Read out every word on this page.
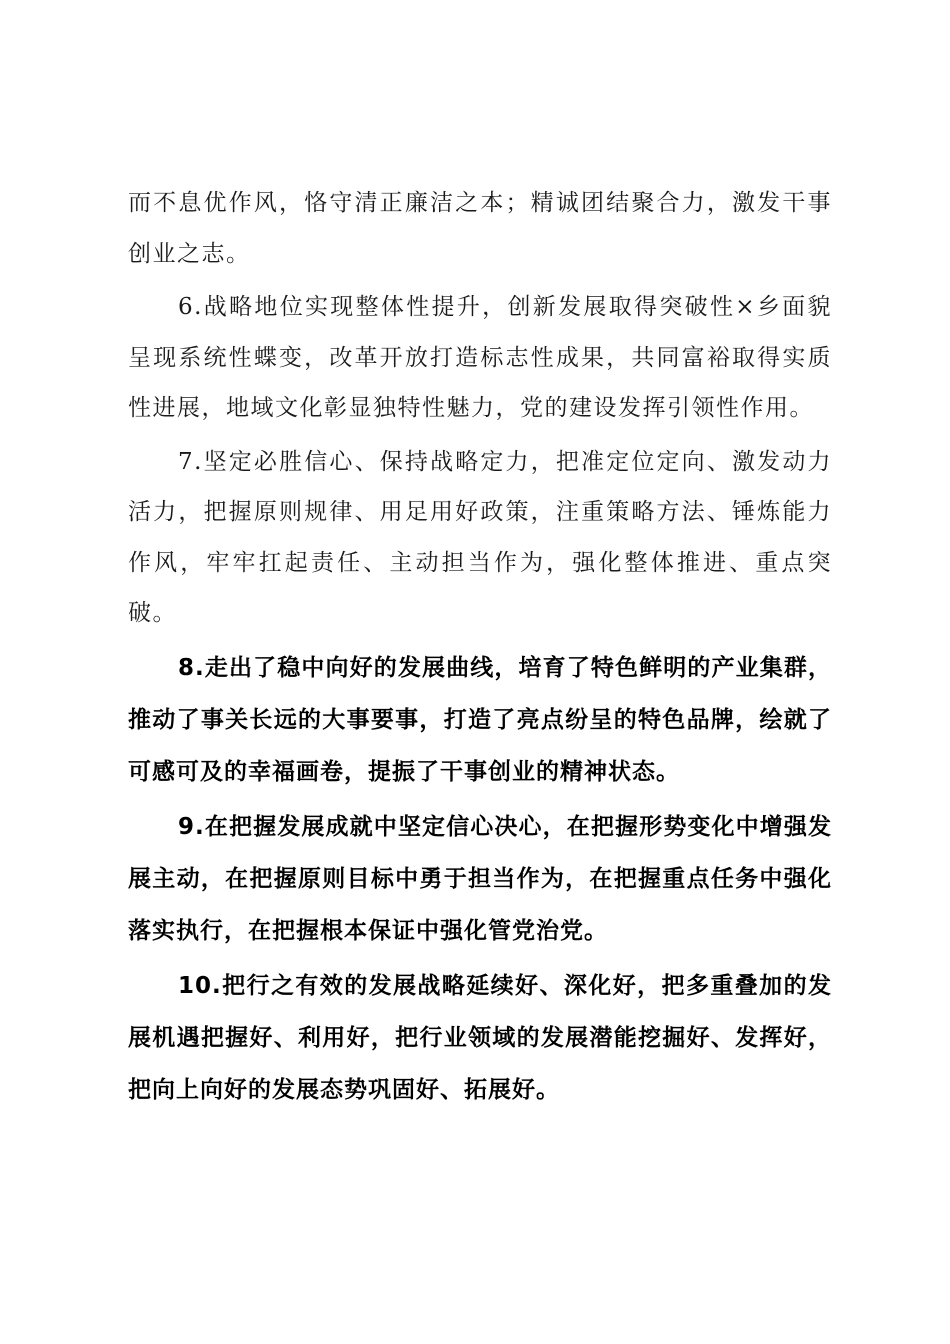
而不息优作风，恪守清正廉洁之本；精诚团结聚合力，激发干事创业之志。

6.战略地位实现整体性提升，创新发展取得突破性×乡面貌呈现系统性蝶变，改革开放打造标志性成果，共同富裕取得实质性进展，地域文化彰显独特性魅力，党的建设发挥引领性作用。

7.坚定必胜信心、保持战略定力，把准定位定向、激发动力活力，把握原则规律、用足用好政策，注重策略方法、锤炼能力作风，牢牢扛起责任、主动担当作为，强化整体推进、重点突破。

8.走出了稳中向好的发展曲线，培育了特色鲜明的产业集群，推动了事关长远的大事要事，打造了亮点纷呈的特色品牌，绘就了可感可及的幸福画卷，提振了干事创业的精神状态。

9.在把握发展成就中坚定信心决心，在把握形势变化中增强发展主动，在把握原则目标中勇于担当作为，在把握重点任务中强化落实执行，在把握根本保证中强化管党治党。

10.把行之有效的发展战略延续好、深化好，把多重叠加的发展机遇把握好、利用好，把行业领域的发展潜能挖掘好、发挥好，把向上向好的发展态势巩固好、拓展好。
